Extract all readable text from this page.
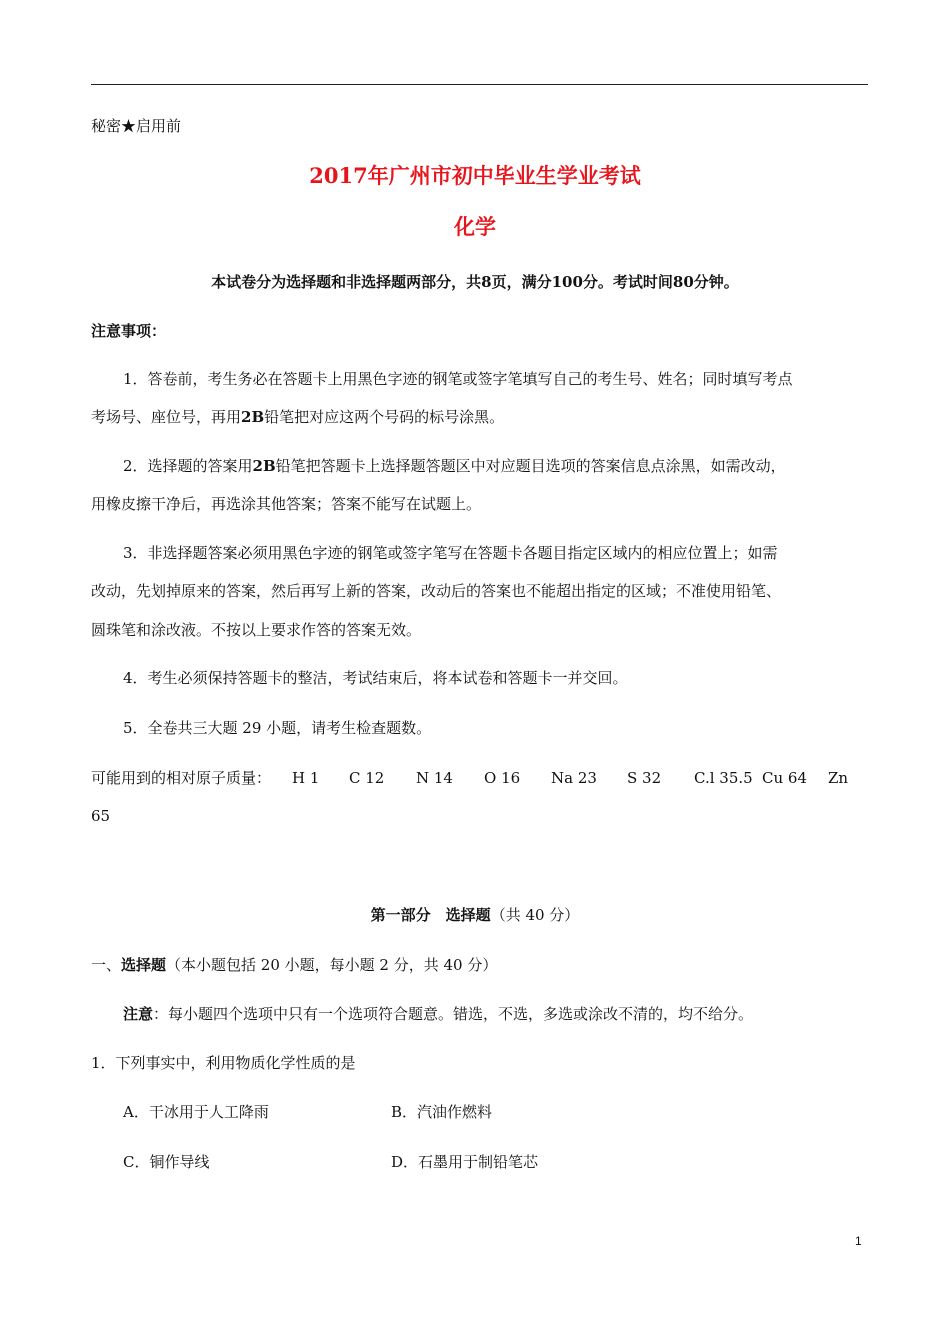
秘密★启用前
2017年广州市初中毕业生学业考试
化学
本试卷分为选择题和非选择题两部分，共8页，满分100分。考试时间80分钟。
注意事项：
1．答卷前，考生务必在答题卡上用黑色字迹的钢笔或签字笔填写自己的考生号、姓名；同时填写考点
考场号、座位号，再用2B铅笔把对应这两个号码的标号涂黑。
2．选择题的答案用2B铅笔把答题卡上选择题答题区中对应题目选项的答案信息点涂黑，如需改动，
用橡皮擦干净后，再选涂其他答案；答案不能写在试题上。
3．非选择题答案必须用黑色字迹的钢笔或签字笔写在答题卡各题目指定区域内的相应位置上；如需
改动，先划掉原来的答案，然后再写上新的答案，改动后的答案也不能超出指定的区域；不准使用铅笔、
圆珠笔和涂改液。不按以上要求作答的答案无效。
4．考生必须保持答题卡的整洁，考试结束后，将本试卷和答题卡一并交回。
5．全卷共三大题 29 小题，请考生检查题数。
可能用到的相对原子质量： H 1 C 12 N 14 O 16 Na 23 S 32 C.l 35.5 Cu 64 Zn
65
第一部分　选择题（共 40 分）
一、选择题（本小题包括 20 小题，每小题 2 分，共 40 分）
注意：每小题四个选项中只有一个选项符合题意。错选，不选，多选或涂改不清的，均不给分。
1．下列事实中，利用物质化学性质的是
A．干冰用于人工降雨	B．汽油作燃料
C．铜作导线	D．石墨用于制铅笔芯
1
